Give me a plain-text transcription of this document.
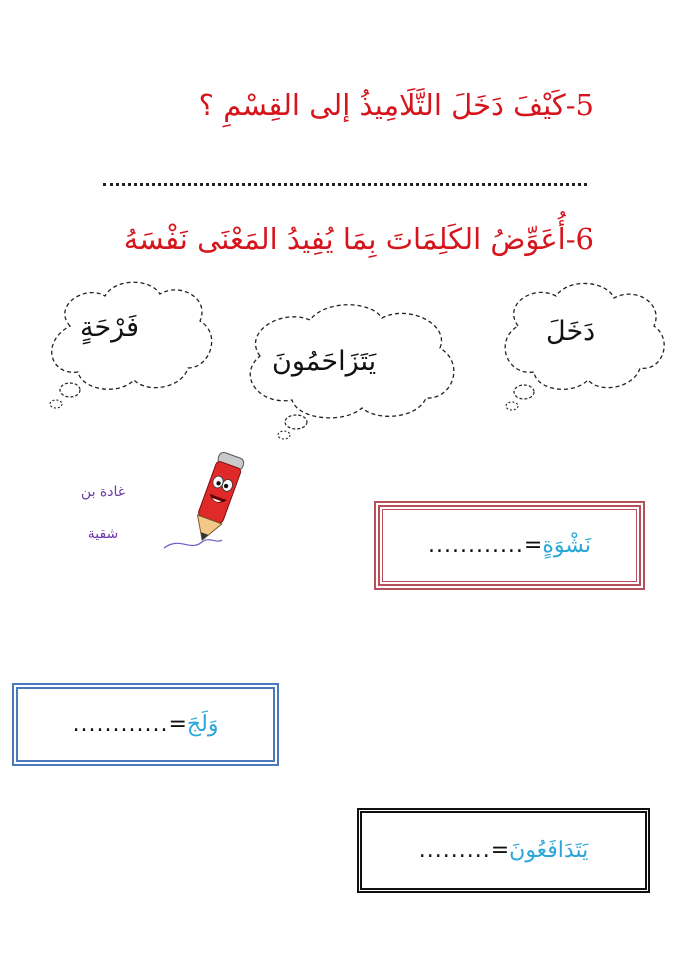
5-كَيْفَ دَخَلَ التَّلَامِيذُ إلى القِسْمِ ؟
6-أُعَوِّضُ الكَلِمَاتَ بِمَا يُفِيدُ المَعْنَى نَفْسَهُ
فَرْحَةٍ
يَتَزَاحَمُونَ
دَخَلَ
غادة بن
شقية	نَشْوَةٍ
=
............
وَلَجَ
=
............
يَتَدَافَعُونَ
=
.........
